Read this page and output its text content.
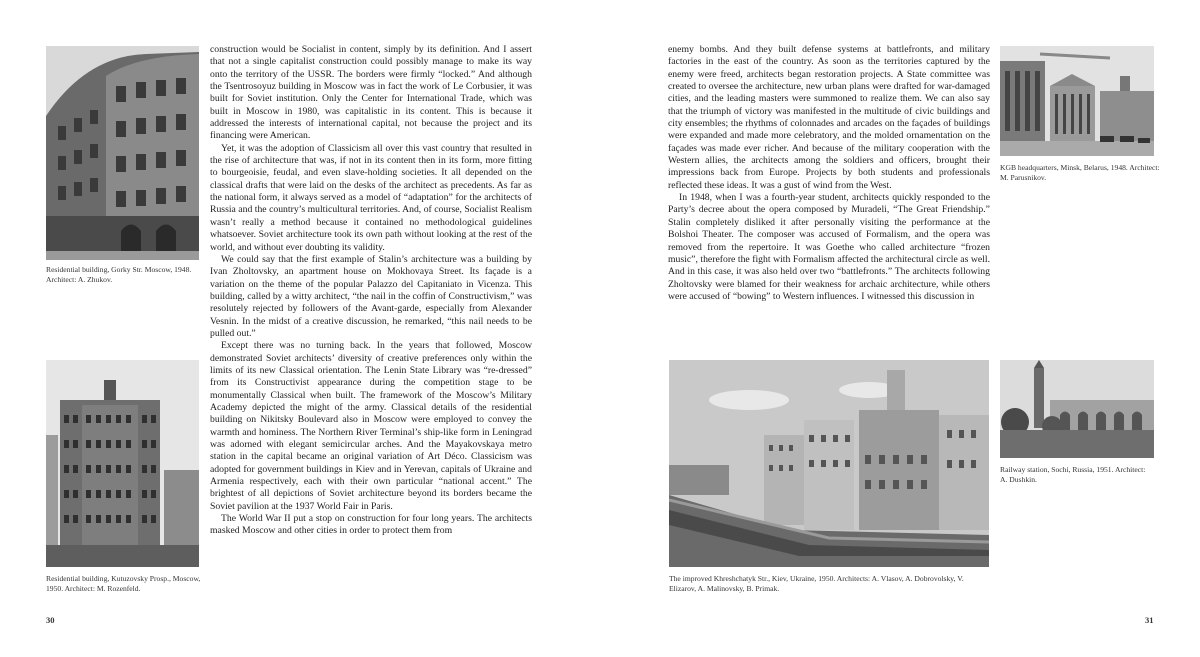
Residential building, Gorky Str. Moscow, 1948. Architect: A. Zhukov.
Residential building, Kutuzovsky Prosp., Moscow, 1950. Architect: M. Rozenfeld.

construction would be Socialist in content, simply by its definition. And I assert that not a single capitalist construction could possibly manage to make its way onto the territory of the USSR. The borders were firmly “locked.” And although the Tsentrosoyuz building in Moscow was in fact the work of Le Corbusier, it was built for Soviet institution. Only the Center for International Trade, which was built in Moscow in 1980, was capitalistic in its content. This is because it addressed the interests of international capital, not because the project and its financing were American.

Yet, it was the adoption of Classicism all over this vast country that resulted in the rise of architecture that was, if not in its content then in its form, more fitting to bourgeoisie, feudal, and even slave-holding societies. It all depended on the classical drafts that were laid on the desks of the architect as precedents. As far as the national form, it always served as a model of “adaptation” for the architects of Russia and the country’s multicultural territories. And, of course, Socialist Realism wasn’t really a method because it contained no methodological guidelines whatsoever. Soviet architecture took its own path without looking at the rest of the world, and without ever doubting its validity.

We could say that the first example of Stalin’s architecture was a building by Ivan Zholtovsky, an apartment house on Mokhovaya Street. Its façade is a variation on the theme of the popular Palazzo del Capitaniato in Vicenza. This building, called by a witty architect, “the nail in the coffin of Constructivism,” was resolutely rejected by followers of the Avant-garde, especially from Alexander Vesnin. In the midst of a creative discussion, he remarked, “this nail needs to be pulled out.”

Except there was no turning back. In the years that followed, Moscow demonstrated Soviet architects’ diversity of creative preferences only within the limits of its new Classical orientation. The Lenin State Library was “re-dressed” from its Constructivist appearance during the competition stage to be monumentally Classical when built. The framework of the Moscow’s Military Academy depicted the might of the army. Classical details of the residential building on Nikitsky Boulevard also in Moscow were employed to convey the warmth and hominess. The Northern River Terminal’s ship-like form in Leningrad was adorned with elegant semicircular arches. And the Mayakovskaya metro station in the capital became an original variation of Art Déco. Classicism was adopted for government buildings in Kiev and in Yerevan, capitals of Ukraine and Armenia respectively, each with their own particular “national accent.” The brightest of all depictions of Soviet architecture beyond its borders became the Soviet pavilion at the 1937 World Fair in Paris.

The World War II put a stop on construction for four long years. The architects masked Moscow and other cities in order to protect them from

30

enemy bombs. And they built defense systems at battlefronts, and military factories in the east of the country. As soon as the territories captured by the enemy were freed, architects began restoration projects. A State committee was created to oversee the architecture, new urban plans were drafted for war-damaged cities, and the leading masters were summoned to realize them. We can also say that the triumph of victory was manifested in the multitude of civic buildings and city ensembles; the rhythms of colonnades and arcades on the façades of buildings were expanded and made more celebratory, and the molded ornamentation on the façades was made ever richer. And because of the military cooperation with the Western allies, the architects among the soldiers and officers, brought their impressions back from Europe. Projects by both students and professionals reflected these ideas. It was a gust of wind from the West.

In 1948, when I was a fourth-year student, architects quickly responded to the Party’s decree about the opera composed by Muradeli, “The Great Friendship.” Stalin completely disliked it after personally visiting the performance at the Bolshoi Theater. The composer was accused of Formalism, and the opera was removed from the repertoire. It was Goethe who called architecture “frozen music”, therefore the fight with Formalism affected the architectural circle as well. And in this case, it was also held over two “battlefronts.” The architects following Zholtovsky were blamed for their weakness for archaic architecture, while others were accused of “bowing” to Western influences. I witnessed this discussion in

KGB headquarters, Minsk, Belarus, 1948. Architect: M. Parusnikov.
The improved Khreshchatyk Str., Kiev, Ukraine, 1950. Architects: A. Vlasov, A. Dobrovolsky, V. Elizarov, A. Malinovsky, B. Primak.
Railway station, Sochi, Russia, 1951. Architect: A. Dushkin.
31
